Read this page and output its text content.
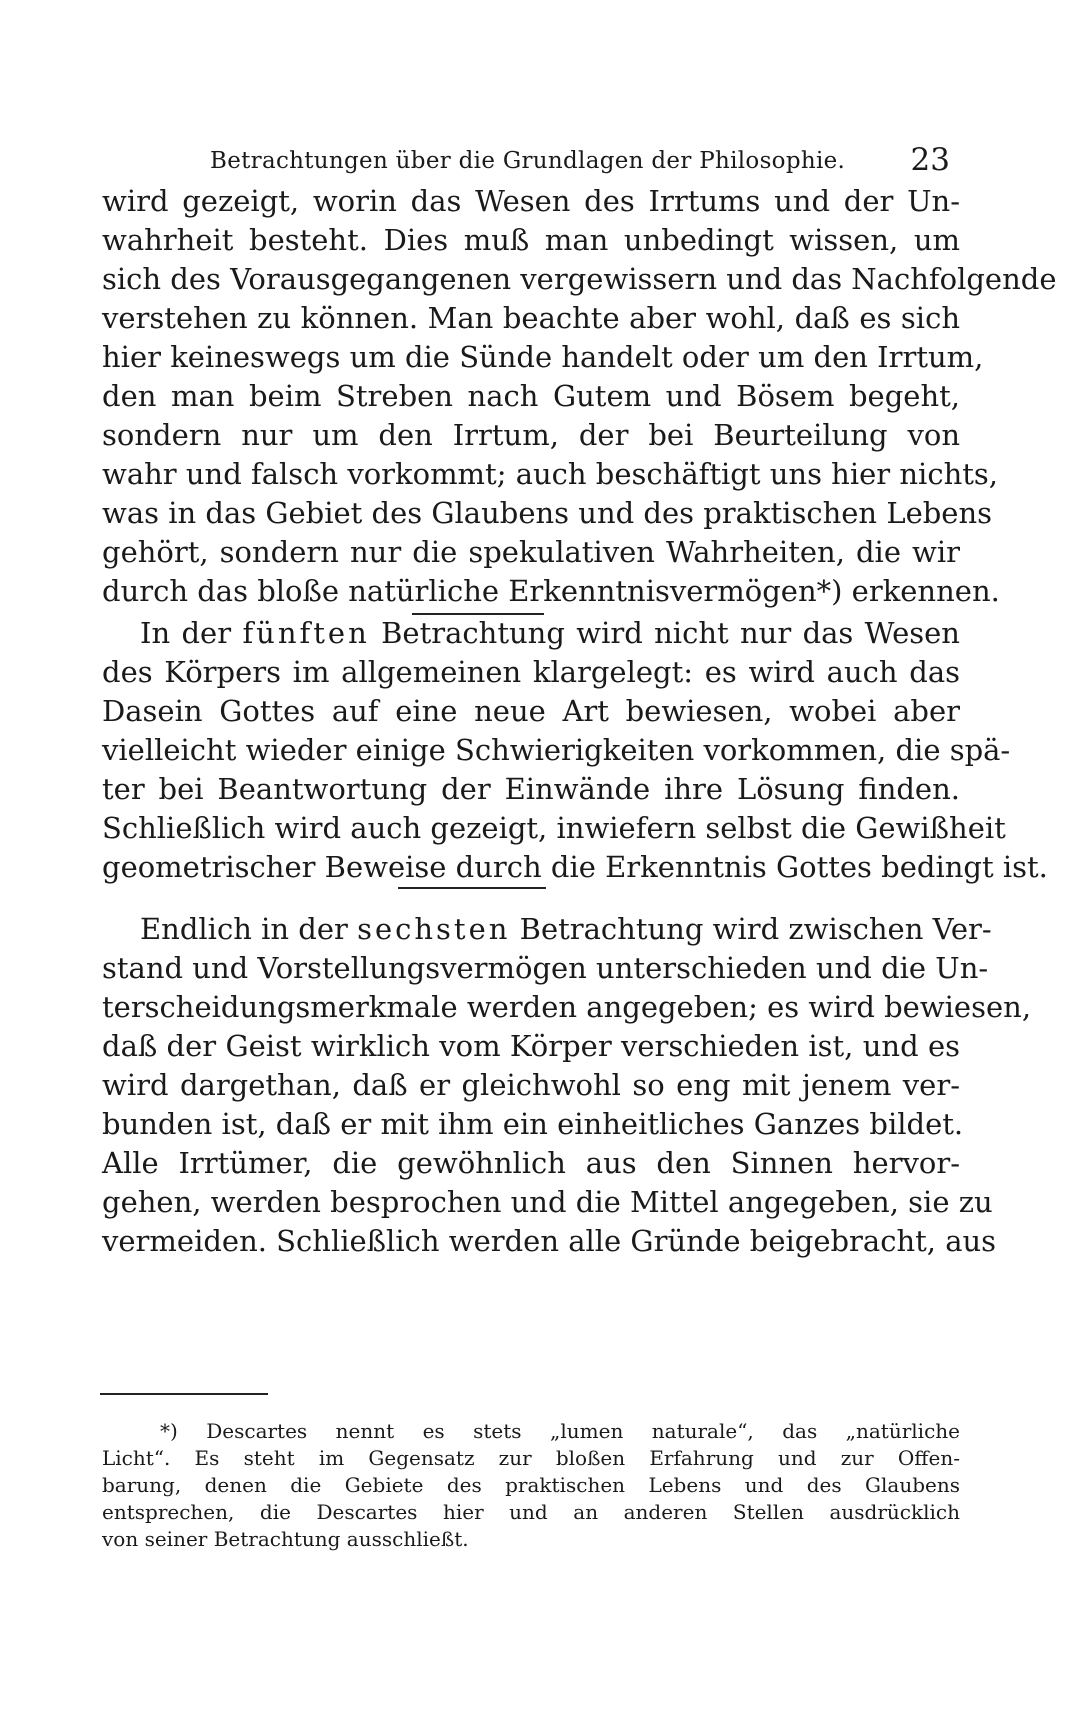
Betrachtungen über die Grundlagen der Philosophie. 23
wird gezeigt, worin das Wesen des Irrtums und der Un-
wahrheit besteht. Dies muß man unbedingt wissen, um
sich des Vorausgegangenen vergewissern und das Nachfolgende
verstehen zu können. Man beachte aber wohl, daß es sich
hier keineswegs um die Sünde handelt oder um den Irrtum,
den man beim Streben nach Gutem und Bösem begeht,
sondern nur um den Irrtum, der bei Beurteilung von
wahr und falsch vorkommt; auch beschäftigt uns hier nichts,
was in das Gebiet des Glaubens und des praktischen Lebens
gehört, sondern nur die spekulativen Wahrheiten, die wir
durch das bloße natürliche Erkenntnisvermögen*) erkennen.
In der fünften Betrachtung wird nicht nur das Wesen
des Körpers im allgemeinen klargelegt: es wird auch das
Dasein Gottes auf eine neue Art bewiesen, wobei aber
vielleicht wieder einige Schwierigkeiten vorkommen, die spä-
ter bei Beantwortung der Einwände ihre Lösung finden.
Schließlich wird auch gezeigt, inwiefern selbst die Gewißheit
geometrischer Beweise durch die Erkenntnis Gottes bedingt ist.
Endlich in der sechsten Betrachtung wird zwischen Ver-
stand und Vorstellungsvermögen unterschieden und die Un-
terscheidungsmerkmale werden angegeben; es wird bewiesen,
daß der Geist wirklich vom Körper verschieden ist, und es
wird dargethan, daß er gleichwohl so eng mit jenem ver-
bunden ist, daß er mit ihm ein einheitliches Ganzes bildet.
Alle Irrtümer, die gewöhnlich aus den Sinnen hervor-
gehen, werden besprochen und die Mittel angegeben, sie zu
vermeiden. Schließlich werden alle Gründe beigebracht, aus
*) Descartes nennt es stets „lumen naturale“, das „natürliche
Licht“. Es steht im Gegensatz zur bloßen Erfahrung und zur Offen-
barung, denen die Gebiete des praktischen Lebens und des Glaubens
entsprechen, die Descartes hier und an anderen Stellen ausdrücklich
von seiner Betrachtung ausschließt.
